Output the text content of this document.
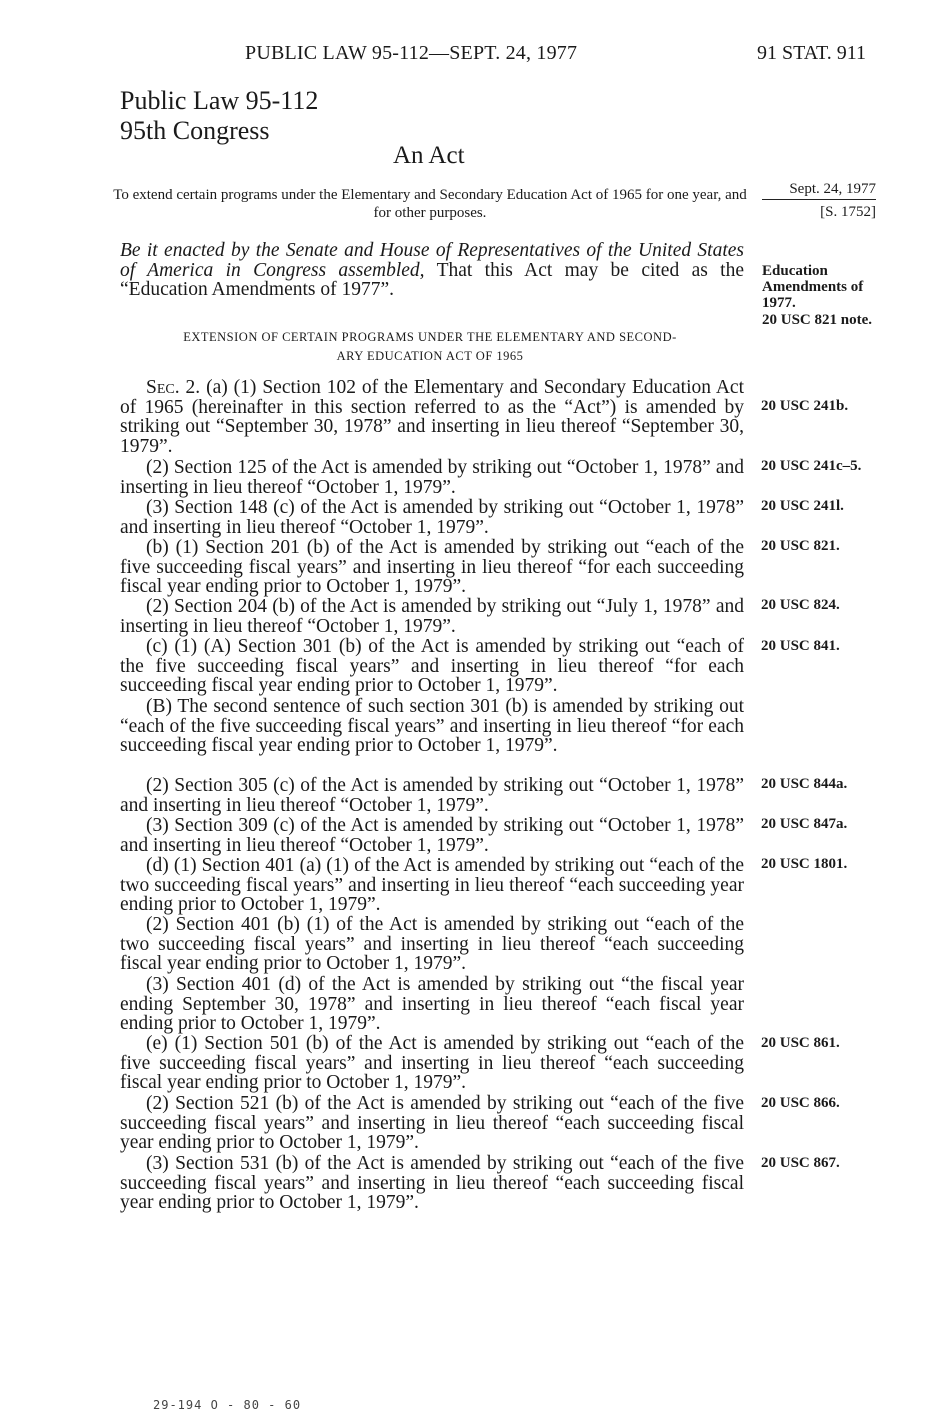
PUBLIC LAW 95-112—SEPT. 24, 1977	91 STAT. 911
Public Law 95-112
95th Congress
An Act
To extend certain programs under the Elementary and Secondary Education Act of 1965 for one year, and for other purposes.
Sept. 24, 1977
[S. 1752]
Be it enacted by the Senate and House of Representatives of the United States of America in Congress assembled, That this Act may be cited as the “Education Amendments of 1977”.
Education
Amendments of
1977.
20 USC 821 note.
EXTENSION OF CERTAIN PROGRAMS UNDER THE ELEMENTARY AND SECOND-
ARY EDUCATION ACT OF 1965
Sec. 2. (a) (1) Section 102 of the Elementary and Secondary Education Act of 1965 (hereinafter in this section referred to as the “Act”) is amended by striking out “September 30, 1978” and inserting in lieu thereof “September 30, 1979”.
(2) Section 125 of the Act is amended by striking out “October 1, 1978” and inserting in lieu thereof “October 1, 1979”.
(3) Section 148 (c) of the Act is amended by striking out “October 1, 1978” and inserting in lieu thereof “October 1, 1979”.
(b) (1) Section 201 (b) of the Act is amended by striking out “each of the five succeeding fiscal years” and inserting in lieu thereof “for each succeeding fiscal year ending prior to October 1, 1979”.
(2) Section 204 (b) of the Act is amended by striking out “July 1, 1978” and inserting in lieu thereof “October 1, 1979”.
(c) (1) (A) Section 301 (b) of the Act is amended by striking out “each of the five succeeding fiscal years” and inserting in lieu thereof “for each succeeding fiscal year ending prior to October 1, 1979”.
(B) The second sentence of such section 301 (b) is amended by striking out “each of the five succeeding fiscal years” and inserting in lieu thereof “for each succeeding fiscal year ending prior to October 1, 1979”.
(2) Section 305 (c) of the Act is amended by striking out “October 1, 1978” and inserting in lieu thereof “October 1, 1979”.
(3) Section 309 (c) of the Act is amended by striking out “October 1, 1978” and inserting in lieu thereof “October 1, 1979”.
(d) (1) Section 401 (a) (1) of the Act is amended by striking out “each of the two succeeding fiscal years” and inserting in lieu thereof “each succeeding year ending prior to October 1, 1979”.
(2) Section 401 (b) (1) of the Act is amended by striking out “each of the two succeeding fiscal years” and inserting in lieu thereof “each succeeding fiscal year ending prior to October 1, 1979”.
(3) Section 401 (d) of the Act is amended by striking out “the fiscal year ending September 30, 1978” and inserting in lieu thereof “each fiscal year ending prior to October 1, 1979”.
(e) (1) Section 501 (b) of the Act is amended by striking out “each of the five succeeding fiscal years” and inserting in lieu thereof “each succeeding fiscal year ending prior to October 1, 1979”.
(2) Section 521 (b) of the Act is amended by striking out “each of the five succeeding fiscal years” and inserting in lieu thereof “each succeeding fiscal year ending prior to October 1, 1979”.
(3) Section 531 (b) of the Act is amended by striking out “each of the five succeeding fiscal years” and inserting in lieu thereof “each succeeding fiscal year ending prior to October 1, 1979”.
20 USC 241b.
20 USC 241c–5.
20 USC 241l.
20 USC 821.
20 USC 824.
20 USC 841.
20 USC 844a.
20 USC 847a.
20 USC 1801.
20 USC 861.
20 USC 866.
20 USC 867.
29-194 O - 80 - 60
